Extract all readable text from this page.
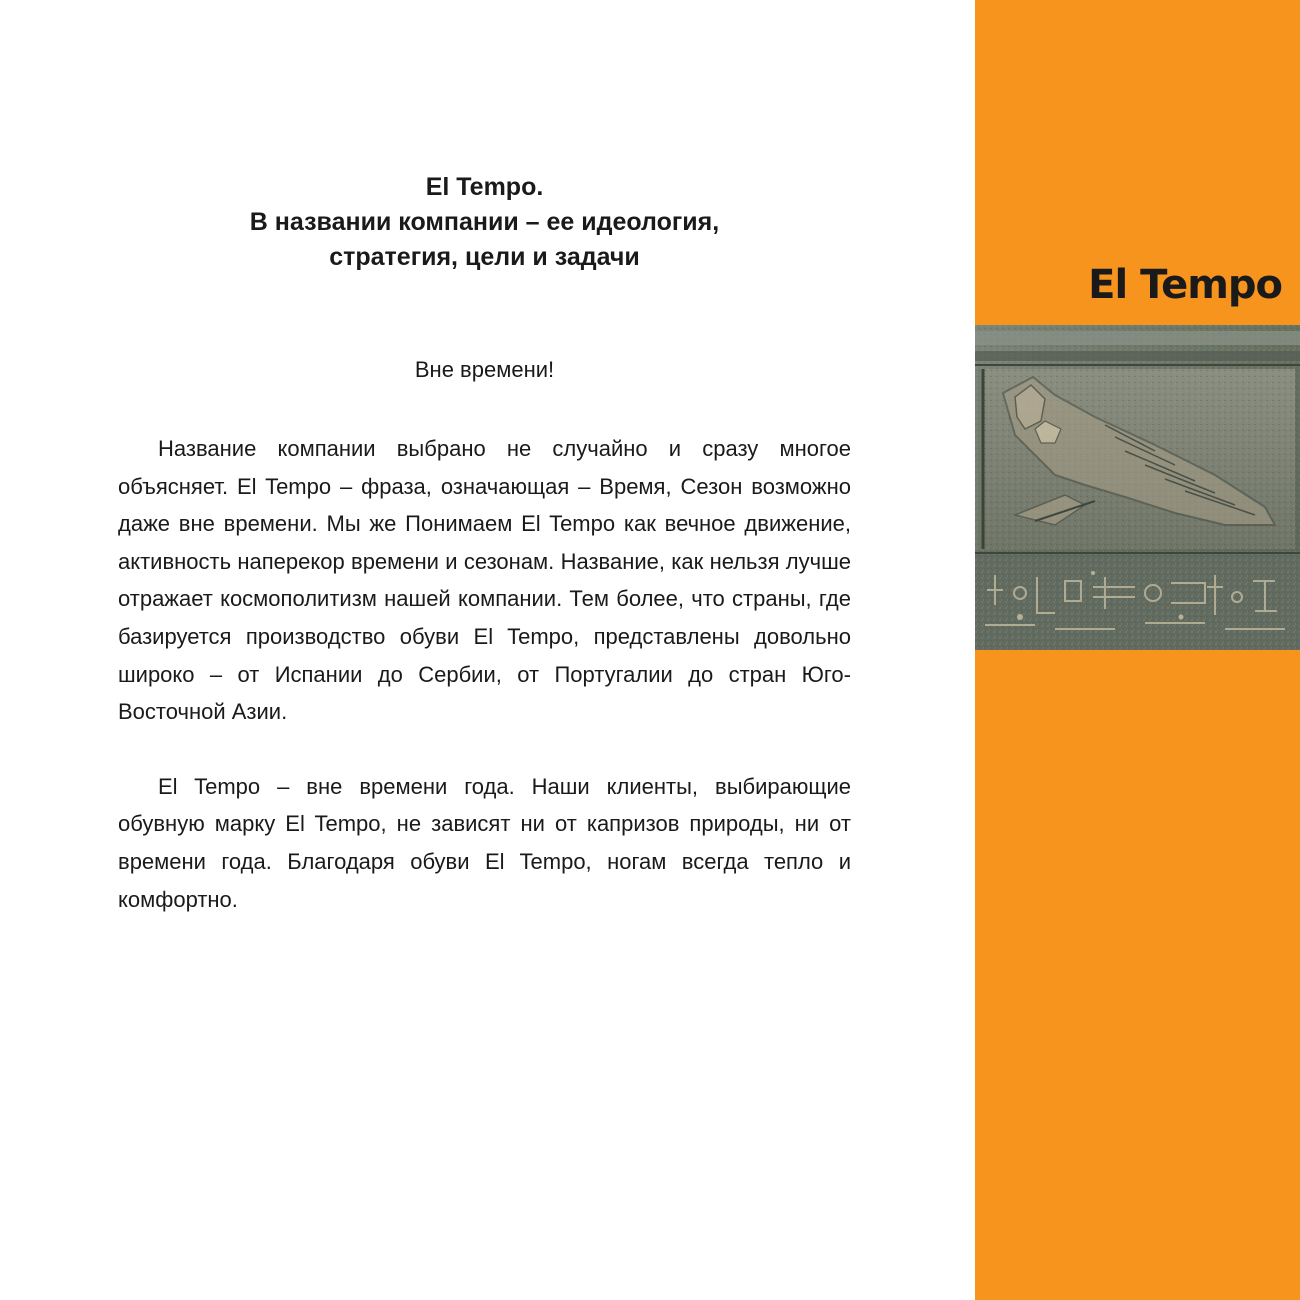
El Tempo.
В названии компании – ее идеология,
стратегия, цели и задачи

Вне времени!

Название компании выбрано не случайно и сразу многое объясняет. El Tempo – фраза, означающая – Время, Сезон возможно даже вне времени. Мы же Понимаем El Tempo как вечное движение, активность наперекор времени и сезонам. Название, как нельзя лучше отражает космополитизм нашей компании. Тем более, что страны, где базируется производство обуви El Tempo, представлены довольно широко – от Испании до Сербии, от Португалии до стран Юго-Восточной Азии.

El Tempo – вне времени года. Наши клиенты, выбирающие обувную марку El Tempo, не зависят ни от капризов природы, ни от времени года. Благодаря обуви El Tempo, ногам всегда тепло и комфортно.

El Tempo
